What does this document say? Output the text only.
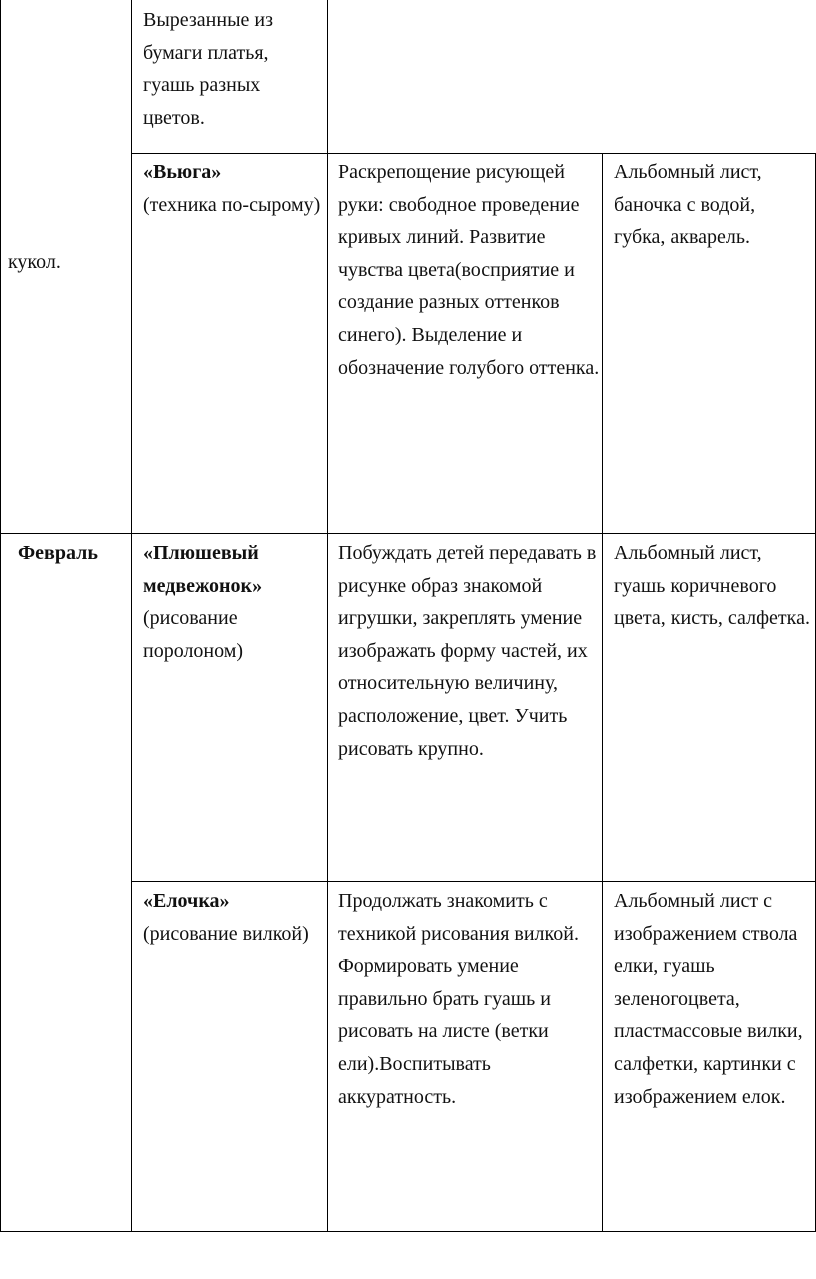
Вырезанные из бумаги платья, гуашь разных цветов.
кукол.
«Вьюга»
(техника по-сырому)
Раскрепощение рисующей руки: свободное проведение кривых линий. Развитие чувства цвета(восприятие и создание разных оттенков синего). Выделение и обозначение голубого оттенка.
Альбомный лист, баночка с водой, губка, акварель.
Февраль	«Плюшевый медвежонок»
(рисование поролоном)
Побуждать детей передавать в рисунке образ знакомой игрушки, закреплять умение изображать форму частей, их относительную величину, расположение, цвет. Учить рисовать крупно.
Альбомный лист, гуашь коричневого цвета, кисть, салфетка.
«Елочка»
(рисование вилкой)
Продолжать знакомить с техникой рисования вилкой. Формировать умение правильно брать гуашь и рисовать на листе (ветки ели).Воспитывать аккуратность.
Альбомный лист с изображением ствола елки, гуашь зеленогоцвета, пластмассовые вилки, салфетки, картинки с изображением елок.
